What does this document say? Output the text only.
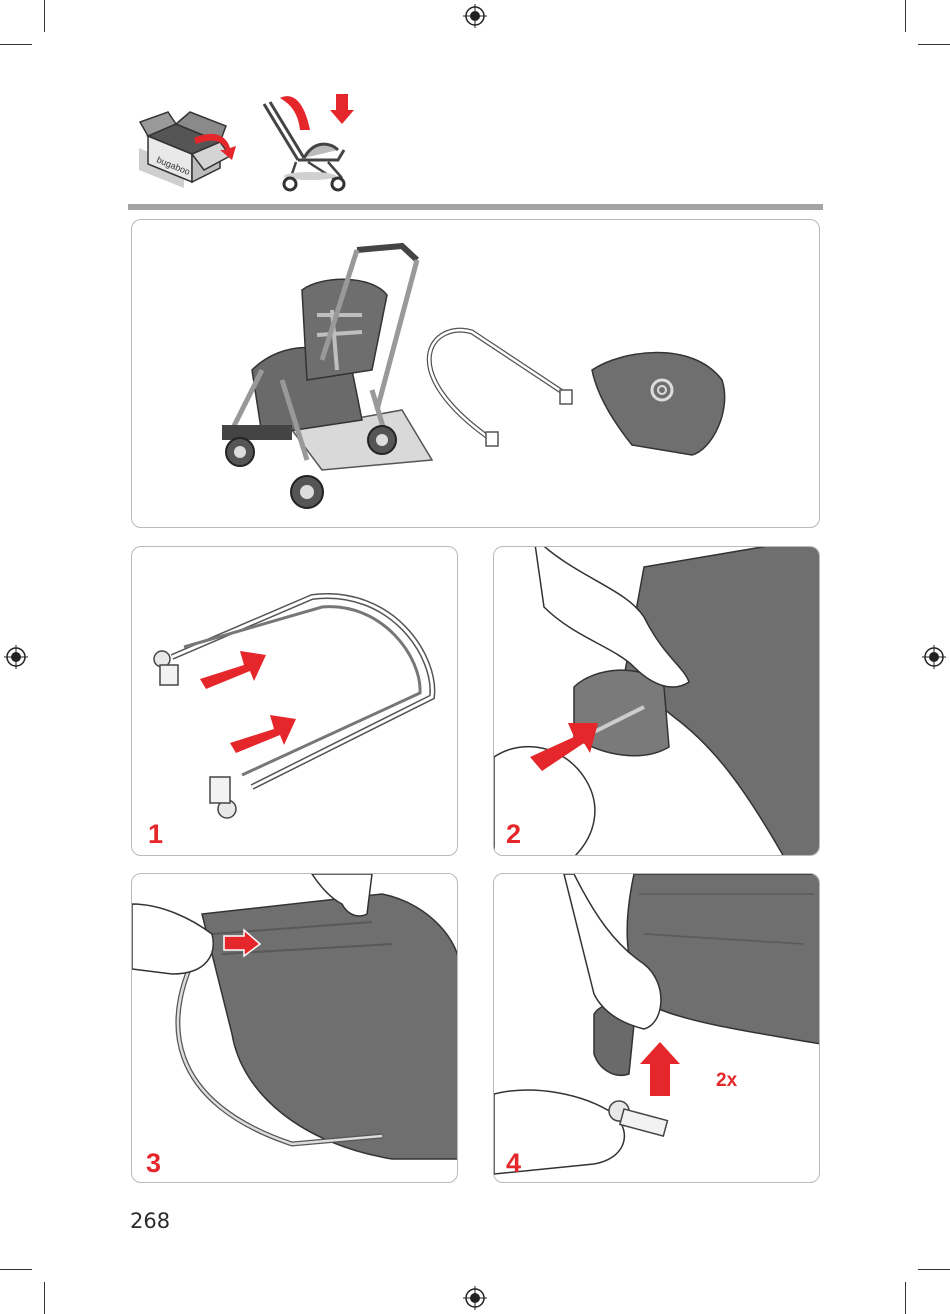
bugaboo
1	2
3
2x
4
268
